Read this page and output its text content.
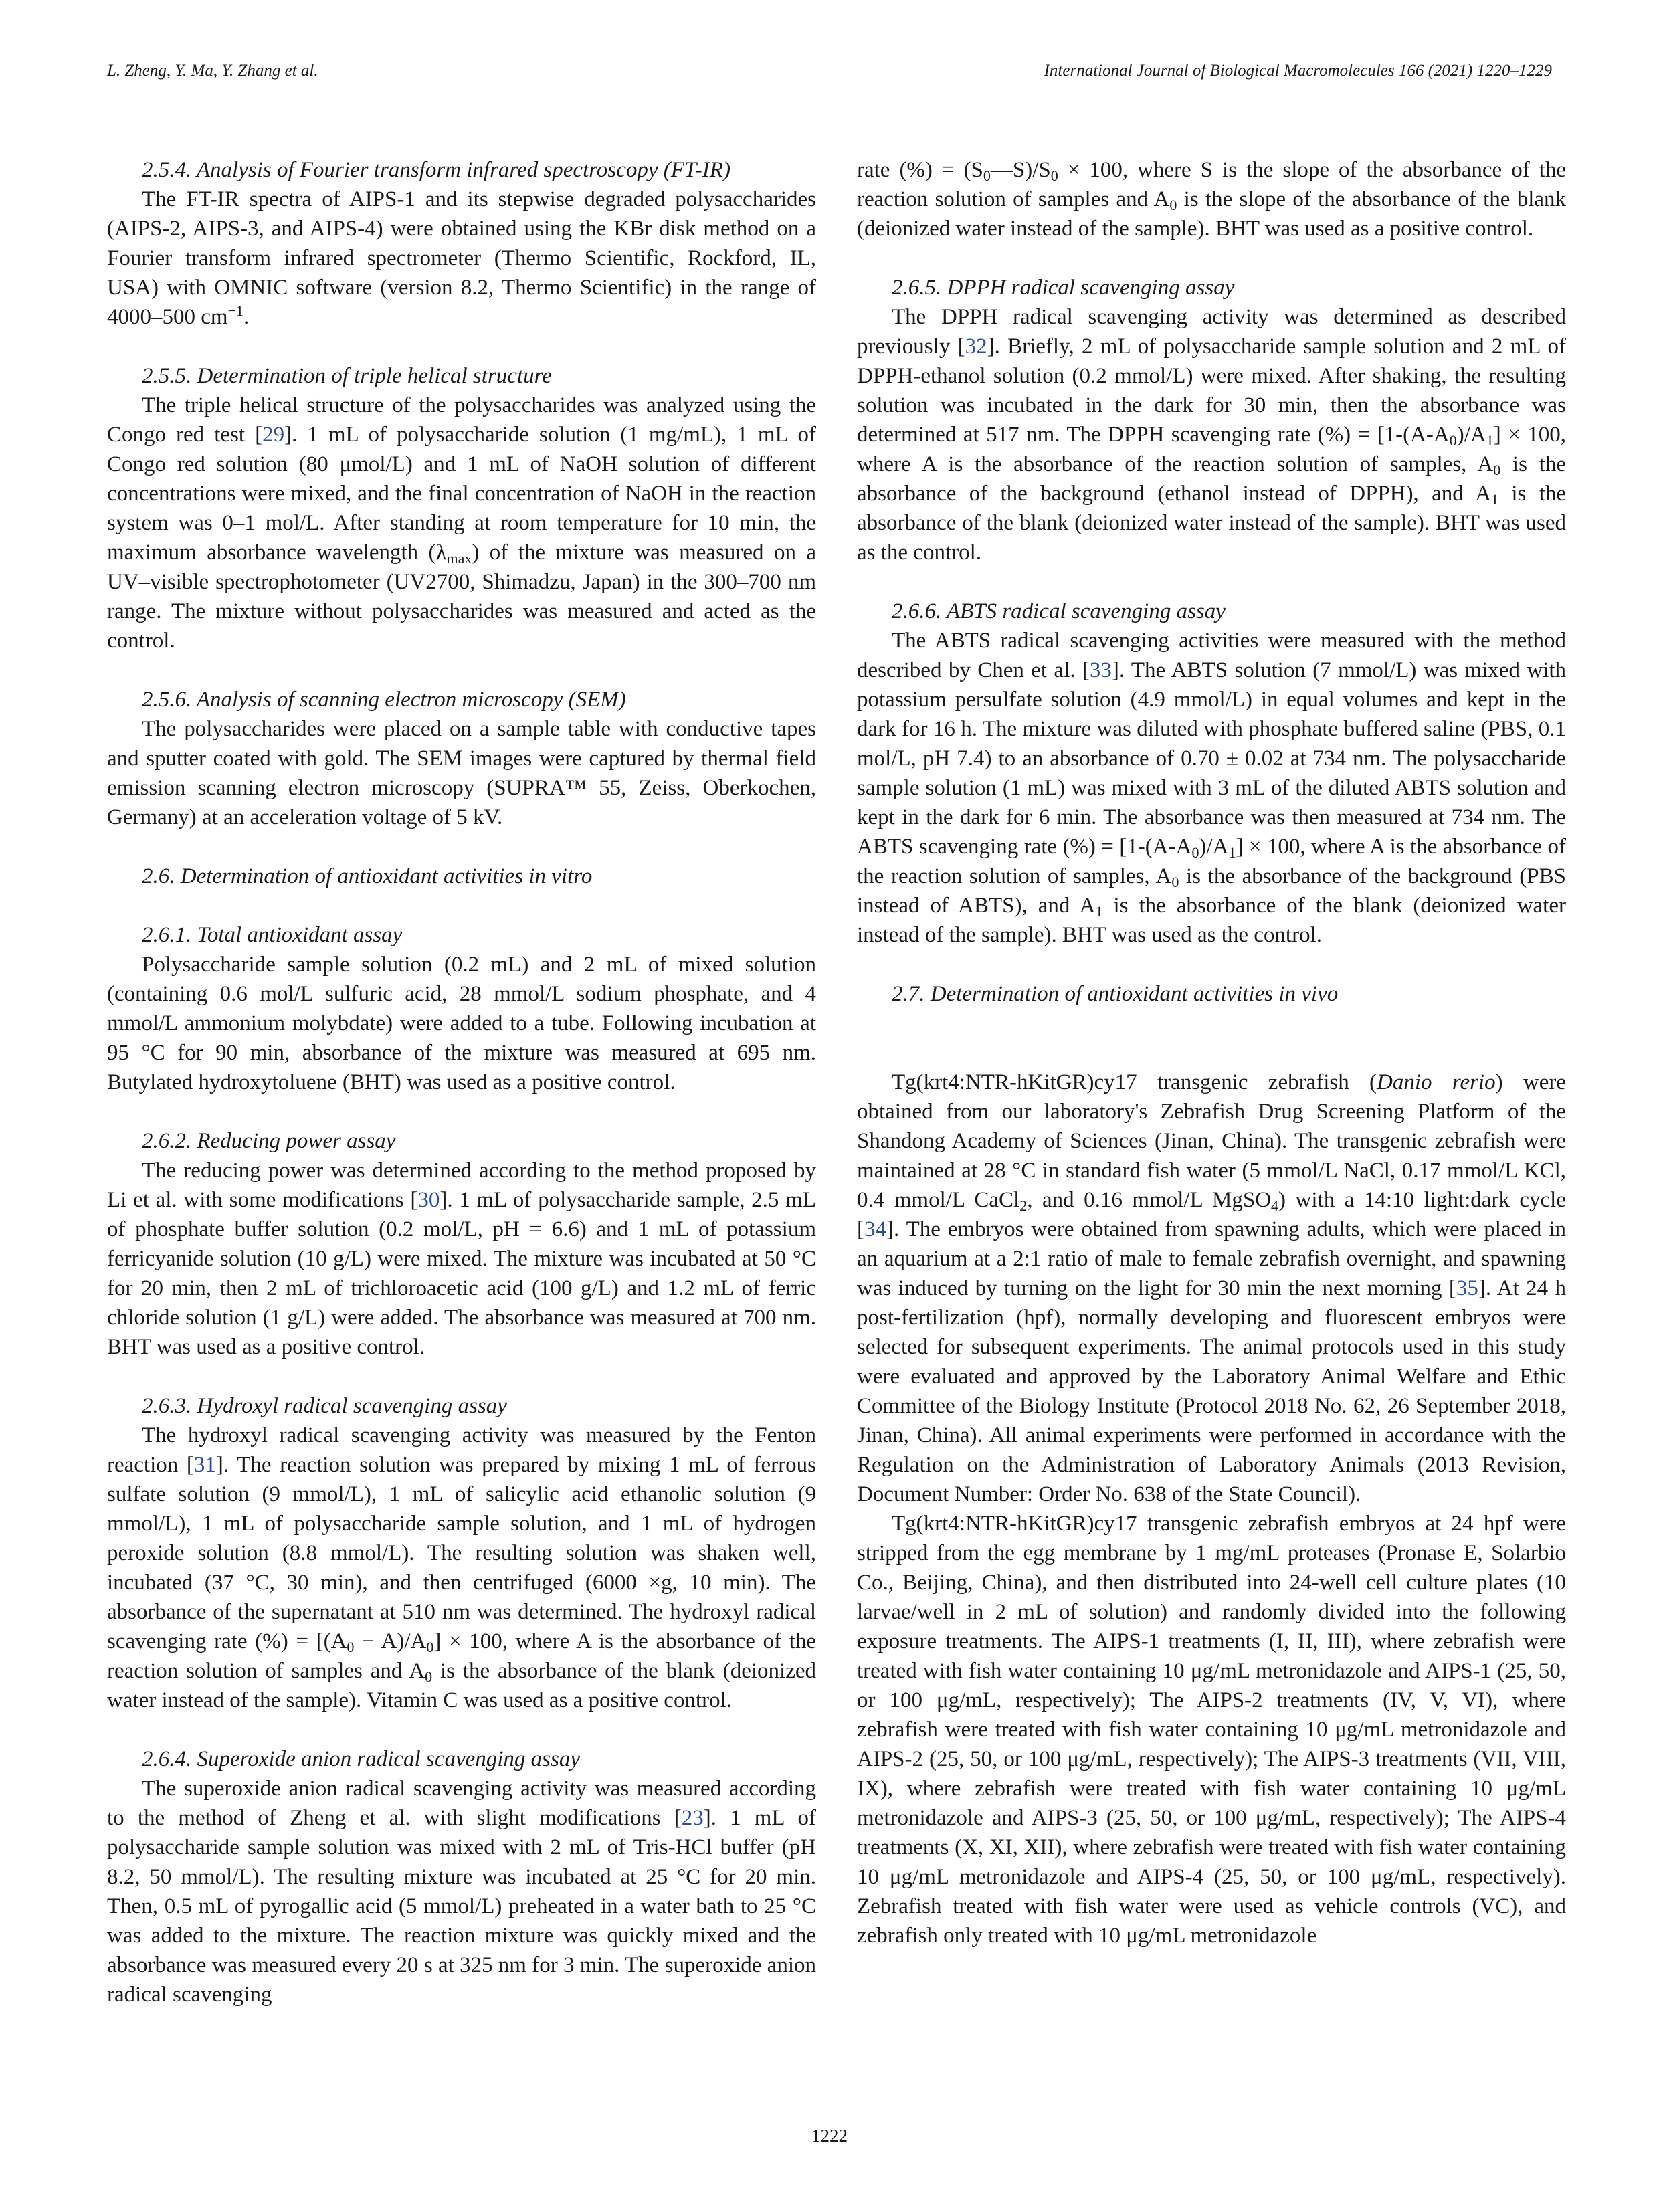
L. Zheng, Y. Ma, Y. Zhang et al.	International Journal of Biological Macromolecules 166 (2021) 1220–1229

2.5.4. Analysis of Fourier transform infrared spectroscopy (FT-IR)

The FT-IR spectra of AIPS-1 and its stepwise degraded polysaccharides (AIPS-2, AIPS-3, and AIPS-4) were obtained using the KBr disk method on a Fourier transform infrared spectrometer (Thermo Scientific, Rockford, IL, USA) with OMNIC software (version 8.2, Thermo Scientific) in the range of 4000–500 $cm^{-1}$.

2.5.5. Determination of triple helical structure

The triple helical structure of the polysaccharides was analyzed using the Congo red test [29]. 1 mL of polysaccharide solution (1 mg/mL), 1 mL of Congo red solution (80 μmol/L) and 1 mL of NaOH solution of different concentrations were mixed, and the final concentration of NaOH in the reaction system was 0–1 mol/L. After standing at room temperature for 10 min, the maximum absorbance wavelength $(\lambda_{max})$ of the mixture was measured on a UV–visible spectrophotometer (UV2700, Shimadzu, Japan) in the 300–700 nm range. The mixture without polysaccharides was measured and acted as the control.

2.5.6. Analysis of scanning electron microscopy (SEM)

The polysaccharides were placed on a sample table with conductive tapes and sputter coated with gold. The SEM images were captured by thermal field emission scanning electron microscopy (SUPRA™ 55, Zeiss, Oberkochen, Germany) at an acceleration voltage of 5 kV.

2.6. Determination of antioxidant activities in vitro

2.6.1. Total antioxidant assay

Polysaccharide sample solution (0.2 mL) and 2 mL of mixed solution (containing 0.6 mol/L sulfuric acid, 28 mmol/L sodium phosphate, and 4 mmol/L ammonium molybdate) were added to a tube. Following incubation at 95 °C for 90 min, absorbance of the mixture was measured at 695 nm. Butylated hydroxytoluene (BHT) was used as a positive control.

2.6.2. Reducing power assay

The reducing power was determined according to the method proposed by Li et al. with some modifications [30]. 1 mL of polysaccharide sample, 2.5 mL of phosphate buffer solution (0.2 mol/L, pH = 6.6) and 1 mL of potassium ferricyanide solution (10 g/L) were mixed. The mixture was incubated at 50 °C for 20 min, then 2 mL of trichloroacetic acid (100 g/L) and 1.2 mL of ferric chloride solution (1 g/L) were added. The absorbance was measured at 700 nm. BHT was used as a positive control.

2.6.3. Hydroxyl radical scavenging assay

The hydroxyl radical scavenging activity was measured by the Fenton reaction [31]. The reaction solution was prepared by mixing 1 mL of ferrous sulfate solution (9 mmol/L), 1 mL of salicylic acid ethanolic solution (9 mmol/L), 1 mL of polysaccharide sample solution, and 1 mL of hydrogen peroxide solution (8.8 mmol/L). The resulting solution was shaken well, incubated (37 °C, 30 min), and then centrifuged (6000 ×g, 10 min). The absorbance of the supernatant at 510 nm was determined. The hydroxyl radical scavenging rate (%) = $[(A_0 - A)/A_0] \times 100$, where A is the absorbance of the reaction solution of samples and $A_0$ is the absorbance of the blank (deionized water instead of the sample). Vitamin C was used as a positive control.

2.6.4. Superoxide anion radical scavenging assay

The superoxide anion radical scavenging activity was measured according to the method of Zheng et al. with slight modifications [23]. 1 mL of polysaccharide sample solution was mixed with 2 mL of Tris-HCl buffer (pH 8.2, 50 mmol/L). The resulting mixture was incubated at 25 °C for 20 min. Then, 0.5 mL of pyrogallic acid (5 mmol/L) preheated in a water bath to 25 °C was added to the mixture. The reaction mixture was quickly mixed and the absorbance was measured every 20 s at 325 nm for 3 min. The superoxide anion radical scavenging

rate (%) = $(S_0—S)/S_0 \times 100$, where S is the slope of the absorbance of the reaction solution of samples and $A_0$ is the slope of the absorbance of the blank (deionized water instead of the sample). BHT was used as a positive control.

2.6.5. DPPH radical scavenging assay

The DPPH radical scavenging activity was determined as described previously [32]. Briefly, 2 mL of polysaccharide sample solution and 2 mL of DPPH-ethanol solution (0.2 mmol/L) were mixed. After shaking, the resulting solution was incubated in the dark for 30 min, then the absorbance was determined at 517 nm. The DPPH scavenging rate (%) = $[1-(A-A_0)/A_1] \times 100$, where A is the absorbance of the reaction solution of samples, $A_0$ is the absorbance of the background (ethanol instead of DPPH), and $A_1$ is the absorbance of the blank (deionized water instead of the sample). BHT was used as the control.

2.6.6. ABTS radical scavenging assay

The ABTS radical scavenging activities were measured with the method described by Chen et al. [33]. The ABTS solution (7 mmol/L) was mixed with potassium persulfate solution (4.9 mmol/L) in equal volumes and kept in the dark for 16 h. The mixture was diluted with phosphate buffered saline (PBS, 0.1 mol/L, pH 7.4) to an absorbance of 0.70 ± 0.02 at 734 nm. The polysaccharide sample solution (1 mL) was mixed with 3 mL of the diluted ABTS solution and kept in the dark for 6 min. The absorbance was then measured at 734 nm. The ABTS scavenging rate (%) = $[1-(A-A_0)/A_1] \times 100$, where A is the absorbance of the reaction solution of samples, $A_0$ is the absorbance of the background (PBS instead of ABTS), and $A_1$ is the absorbance of the blank (deionized water instead of the sample). BHT was used as the control.

2.7. Determination of antioxidant activities in vivo

Tg(krt4:NTR-hKitGR)cy17 transgenic zebrafish (Danio rerio) were obtained from our laboratory's Zebrafish Drug Screening Platform of the Shandong Academy of Sciences (Jinan, China). The transgenic zebrafish were maintained at 28 °C in standard fish water (5 mmol/L NaCl, 0.17 mmol/L KCl, 0.4 mmol/L CaCl$_2$, and 0.16 mmol/L MgSO$_4$) with a 14:10 light:dark cycle [34]. The embryos were obtained from spawning adults, which were placed in an aquarium at a 2:1 ratio of male to female zebrafish overnight, and spawning was induced by turning on the light for 30 min the next morning [35]. At 24 h post-fertilization (hpf), normally developing and fluorescent embryos were selected for subsequent experiments. The animal protocols used in this study were evaluated and approved by the Laboratory Animal Welfare and Ethic Committee of the Biology Institute (Protocol 2018 No. 62, 26 September 2018, Jinan, China). All animal experiments were performed in accordance with the Regulation on the Administration of Laboratory Animals (2013 Revision, Document Number: Order No. 638 of the State Council).

Tg(krt4:NTR-hKitGR)cy17 transgenic zebrafish embryos at 24 hpf were stripped from the egg membrane by 1 mg/mL proteases (Pronase E, Solarbio Co., Beijing, China), and then distributed into 24-well cell culture plates (10 larvae/well in 2 mL of solution) and randomly divided into the following exposure treatments. The AIPS-1 treatments (I, II, III), where zebrafish were treated with fish water containing 10 μg/mL metronidazole and AIPS-1 (25, 50, or 100 μg/mL, respectively); The AIPS-2 treatments (IV, V, VI), where zebrafish were treated with fish water containing 10 μg/mL metronidazole and AIPS-2 (25, 50, or 100 μg/mL, respectively); The AIPS-3 treatments (VII, VIII, IX), where zebrafish were treated with fish water containing 10 μg/mL metronidazole and AIPS-3 (25, 50, or 100 μg/mL, respectively); The AIPS-4 treatments (X, XI, XII), where zebrafish were treated with fish water containing 10 μg/mL metronidazole and AIPS-4 (25, 50, or 100 μg/mL, respectively). Zebrafish treated with fish water were used as vehicle controls (VC), and zebrafish only treated with 10 μg/mL metronidazole

1222
